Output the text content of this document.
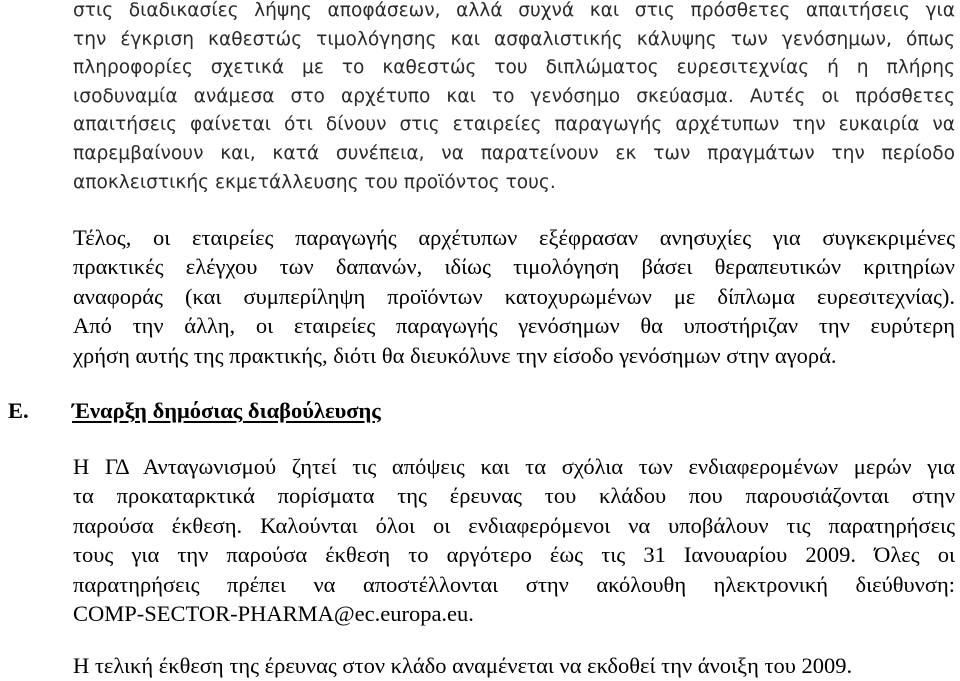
στις διαδικασίες λήψης αποφάσεων, αλλά συχνά και στις πρόσθετες απαιτήσεις για
την έγκριση καθεστώς τιμολόγησης και ασφαλιστικής κάλυψης των γενόσημων, όπως
πληροφορίες σχετικά με το καθεστώς του διπλώματος ευρεσιτεχνίας ή η πλήρης
ισοδυναμία ανάμεσα στο αρχέτυπο και το γενόσημο σκεύασμα. Αυτές οι πρόσθετες
απαιτήσεις φαίνεται ότι δίνουν στις εταιρείες παραγωγής αρχέτυπων την ευκαιρία να
παρεμβαίνουν και, κατά συνέπεια, να παρατείνουν εκ των πραγμάτων την περίοδο
αποκλειστικής εκμετάλλευσης του προϊόντος τους.
Τέλος, οι εταιρείες παραγωγής αρχέτυπων εξέφρασαν ανησυχίες για συγκεκριμένες
πρακτικές ελέγχου των δαπανών, ιδίως τιμολόγηση βάσει θεραπευτικών κριτηρίων
αναφοράς (και συμπερίληψη προϊόντων κατοχυρωμένων με δίπλωμα ευρεσιτεχνίας).
Από την άλλη, οι εταιρείες παραγωγής γενόσημων θα υποστήριζαν την ευρύτερη
χρήση αυτής της πρακτικής, διότι θα διευκόλυνε την είσοδο γενόσημων στην αγορά.
E. Έναρξη δημόσιας διαβούλευσης
Η ΓΔ Ανταγωνισμού ζητεί τις απόψεις και τα σχόλια των ενδιαφερομένων μερών για
τα προκαταρκτικά πορίσματα της έρευνας του κλάδου που παρουσιάζονται στην
παρούσα έκθεση. Καλούνται όλοι οι ενδιαφερόμενοι να υποβάλουν τις παρατηρήσεις
τους για την παρούσα έκθεση το αργότερο έως τις 31 Ιανουαρίου 2009. Όλες οι
παρατηρήσεις πρέπει να αποστέλλονται στην ακόλουθη ηλεκτρονική διεύθυνση:
COMP-SECTOR-PHARMA@ec.europa.eu.
Η τελική έκθεση της έρευνας στον κλάδο αναμένεται να εκδοθεί την άνοιξη του 2009.
